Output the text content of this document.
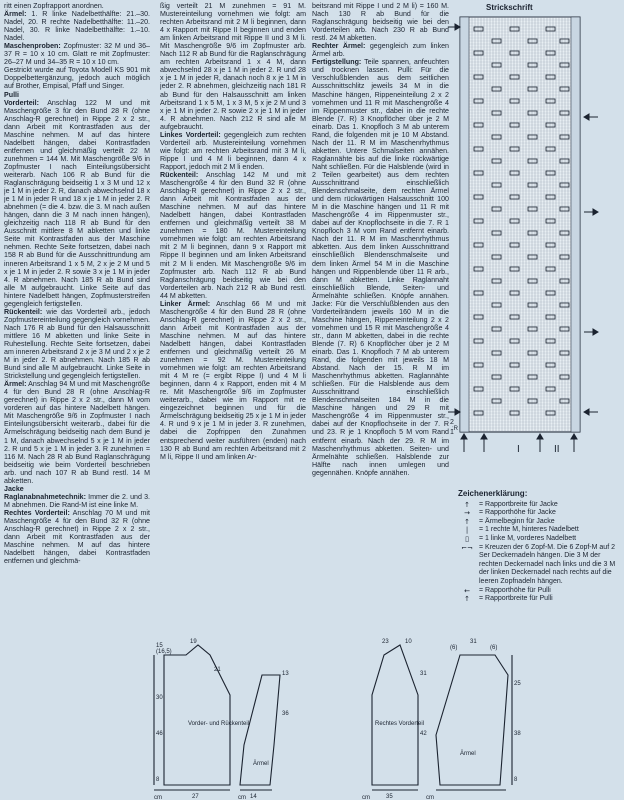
ritt einen Zopfrapport anordnen.

Ärmel: 1. R linke Nadelbetthälfte: 21.–30. Nadel, 20. R rechte Nadelbetthälfte: 11.–20. Nadel, 30. R linke Nadelbetthälfte: 1.–10. Nadel.

Maschenproben: Zopfmuster: 32 M und 36–37 R = 10 x 10 cm. Glatt re mit Zopfmuster: 26–27 M und 34–35 R = 10 x 10 cm.

Gestrickt wurde auf Toyota Modell KS 901 mit Doppelbettergänzung, jedoch auch möglich auf Brother, Empisal, Pfaff und Singer.

Pulli

Vorderteil: Anschlag 122 M und mit Maschengröße 3 für den Bund 28 R (ohne Anschlag-R gerechnet) in Rippe 2 x 2 str., dann Arbeit mit Kontrastfaden aus der Maschine nehmen. M auf das hintere Nadelbett hängen, dabei Kontrastfaden entfernen und gleichmäßig verteilt 22 M zunehmen = 144 M. Mit Maschengröße 9/6 in Zopfmuster I nach Einteilungsübersicht weiterarb. Nach 106 R ab Bund für die Raglanschrägung beidseitig 1 x 3 M und 12 x je 1 M in jeder 2. R, danach abwechselnd 18 x je 1 M in jeder R und 18 x je 1 M in jeder 2. R abnehmen (= die 4. bzw. die 3. M nach außen hängen, dann die 3 M nach innen hängen), gleichzeitig nach 118 R ab Bund für den Ausschnitt mittlere 8 M abketten und linke Seite mit Kontrastfaden aus der Maschine nehmen. Rechte Seite fortsetzen, dabei nach 158 R ab Bund für die Ausschnittrundung am inneren Arbeitsrand 1 x 5 M, 2 x je 2 M und 5 x je 1 M in jeder 2. R sowie 3 x je 1 M in jeder 4. R abnehmen. Nach 185 R ab Bund sind alle M aufgebraucht. Linke Seite auf das hintere Nadelbett hängen, Zopfmusterstreifen gegengleich fertigstellen.

Rückenteil: wie das Vorderteil arb., jedoch Zopfmustereinteilung gegengleich vornehmen. Nach 176 R ab Bund für den Halsausschnitt mittlere 16 M abketten und linke Seite in Ruhestellung. Rechte Seite fortsetzen, dabei am inneren Arbeitsrand 2 x je 3 M und 2 x je 2 M in jeder 2. R abnehmen. Nach 185 R ab Bund sind alle M aufgebraucht. Linke Seite in Strickstellung und gegengleich fertigstellen.

Ärmel: Anschlag 94 M und mit Maschengröße 4 für den Bund 28 R (ohne Anschlag-R gerechnet) in Rippe 2 x 2 str., dann M vom vorderen auf das hintere Nadelbett hängen. Mit Maschengröße 9/6 in Zopfmuster I nach Einteilungsübersicht weiterarb., dabei für die Ärmelschrägung beidseitig nach dem Bund je 1 M, danach abwechselnd 5 x je 1 M in jeder 2. R und 5 x je 1 M in jeder 3. R zunehmen = 116 M. Nach 28 R ab Bund Raglanschrägung beidseitig wie beim Vorderteil beschrieben arb. und nach 107 R ab Bund restl. 14 M abketten.

Jacke

Raglanabnahmetechnik: Immer die 2. und 3. M abnehmen. Die Rand-M ist eine linke M.

Rechtes Vorderteil: Anschlag 70 M und mit Maschengröße 4 für den Bund 32 R (ohne Anschlag-R gerechnet) in Rippe 2 x 2 str., dann Arbeit mit Kontrastfaden aus der Maschine nehmen. M auf das hintere Nadelbett hängen, dabei Kontrastfaden entfernen und gleichmä-

ßig verteilt 21 M zunehmen = 91 M. Mustereinteilung vornehmen wie folgt: am rechten Arbeitsrand mit 2 M li beginnen, dann 4 x Rapport mit Rippe II beginnen und enden am linken Arbeitsrand mit Rippe II und 3 M li. Mit Maschengröße 9/6 im Zopfmuster arb. Nach 112 R ab Bund für die Raglanschrägung am rechten Arbeitsrand 1 x 4 M, dann abwechselnd 28 x je 1 M in jeder 2. R und 28 x je 1 M in jeder R, danach noch 8 x je 1 M in jeder 2. R abnehmen, gleichzeitig nach 181 R ab Bund für den Halsausschnitt am linken Arbeitsrand 1 x 5 M, 1 x 3 M, 5 x je 2 M und 3 x je 1 M in jeder 2. R sowie 2 x je 1 M in jeder 4. R abnehmen. Nach 212 R sind alle M aufgebraucht.

Linkes Vorderteil: gegengleich zum rechten Vorderteil arb. Mustereinteilung vornehmen wie folgt: am rechten Arbeitsrand mit 3 M li, Rippe I und 4 M li beginnen, dann 4 x Rapport, jedoch mit 2 M li enden.

Rückenteil: Anschlag 142 M und mit Maschengröße 4 für den Bund 32 R (ohne Anschlag-R gerechnet) in Rippe 2 x 2 str., dann Arbeit mit Kontrastfaden aus der Maschine nehmen. M auf das hintere Nadelbett hängen, dabei Kontrastfaden entfernen und gleichmäßig verteilt 38 M zunehmen = 180 M. Mustereinteilung vornehmen wie folgt: am rechten Arbeitsrand mit 2 M li beginnen, dann 9 x Rapport mit Rippe II beginnen und am linken Arbeitsrand mit 2 M li enden. Mit Maschengröße 9/6 im Zopfmuster arb. Nach 112 R ab Bund Raglanschrägung beidseitig wie bei den Vorderteilen arb. Nach 212 R ab Bund restl. 44 M abketten.

Linker Ärmel: Anschlag 66 M und mit Maschengröße 4 für den Bund 28 R (ohne Anschlag-R gerechnet) in Rippe 2 x 2 str., dann Arbeit mit Kontrastfaden aus der Maschine nehmen. M auf das hintere Nadelbett hängen, dabei Kontrastfaden entfernen und gleichmäßig verteilt 26 M zunehmen = 92 M. Mustereinteilung vornehmen wie folgt: am rechten Arbeitsrand mit 4 M re (= ergibt Rippe I) und 4 M li beginnen, dann 4 x Rapport, enden mit 4 M re. Mit Maschengröße 9/6 im Zopfmuster weiterarb., dabei wie im Rapport mit re eingezeichnet beginnen und für die Ärmelschrägung beidseitig 25 x je 1 M in jeder 4. R und 9 x je 1 M in jeder 3. R zunehmen, dabei die Zopfrippen den Zunahmen entsprechend weiter ausführen (enden) nach 130 R ab Bund am rechten Arbeitsrand mit 2 M li, Rippe II und am linken Ar-

beitsrand mit Rippe I und 2 M li) = 160 M. Nach 130 R ab Bund für die Raglanschrägung beidseitig wie bei den Vorderteilen arb. Nach 230 R ab Bund restl. 24 M abketten.

Rechter Ärmel: gegengleich zum linken Ärmel arb.

Fertigstellung: Teile spannen, anfeuchten und trocknen lassen. Pulli: Für die Verschlußblenden aus dem seitlichen Ausschnittschlitz jeweils 34 M in die Maschine hängen, Rippeneinteilung 2 x 2 vornehmen und 11 R mit Maschengröße 4 im Rippenmuster str., dabei in die rechte Blende (7. R) 3 Knopflöcher über je 2 M einarb. Das 1. Knopfloch 3 M ab unterem Rand, die folgenden mit je 10 M Abstand. Nach der 11. R M im Maschenrhythmus abketten. Untere Schmalseiten annähen. Raglannähte bis auf die linke rückwärtige Naht schließen. Für die Halsblende (wird in 2 Teilen gearbeitet) aus dem rechten Ausschnittrand einschließlich Blendenschmalseite, dem rechten Ärmel und dem rückwärtigen Halsausschnitt 100 M in die Maschine hängen und 11 R mit Maschengröße 4 im Rippenmuster str., dabei auf der Knopflochseite in die 7. R 1 Knopfloch 3 M vom Rand entfernt einarb. Nach der 11. R M im Maschenrhythmus abketten. Aus dem linken Ausschnittrand einschließlich Blendenschmalseite und dem linken Ärmel 54 M in die Maschine hängen und Rippenblende über 11 R arb., dann M abketten. Linke Raglannaht einschließlich Blende, Seiten- und Ärmelnähte schließen. Knöpfe annähen. Jacke: Für die Verschlußblenden aus den Vorderteilrändern jeweils 160 M in die Maschine hängen, Rippeneinteilung 2 x 2 vornehmen und 15 R mit Maschengröße 4 str., dann M abketten, dabei in die rechte Blende (7. R) 6 Knopflöcher über je 2 M einarb. Das 1. Knopfloch 7 M ab unterem Rand, die folgenden mit jeweils 18 M Abstand. Nach der 15. R M im Maschenrhythmus abketten. Raglannähte schließen. Für die Halsblende aus dem Ausschnittrand einschließlich Blendenschmalseiten 184 M in die Maschine hängen und 29 R mit Maschengröße 4 im Rippenmuster str., dabei auf der Knopflochseite in der 7. R und 23. R je 1 Knopfloch 5 M vom Rand entfernt einarb. Nach der 29. R M im Maschenrhythmus abketten. Seiten- und Ärmelnähte schließen. Halsblende zur Hälfte nach innen umlegen und gegennähen. Knöpfe annähen.

Strickschrift
I	II
2
1
:R
Zeichenerklärung:
↑	= Rapportbreite für Jacke
→	= Rapporthöhe für Jacke
↑	= Ärmelbeginn für Jacke
|	= 1 rechte M, hinteres Nadelbett
▯	= 1 linke M, vorderes Nadelbett
⌐¬ = Kreuzen der 6 Zopf-M. Die 6 Zopf-M auf 2 Ser Deckernadeln hängen. Die 3 M der rechten Deckernadel nach links und die 3 M der linken Deckernadel nach rechts auf die leeren Zopfnadeln hängen.
←	= Rapporthöhe für Pulli
↑	= Rapportbreite für Pulli
Vorder- und Rückenteil
Ärmel
Rechtes Vorderteil
Ärmel
cm	cm	cm	cm
15
(16,5)
19
21
30
46
27
8
14
36
13
23
31
10
42
35
31
25
38
8
(6)	(6)
